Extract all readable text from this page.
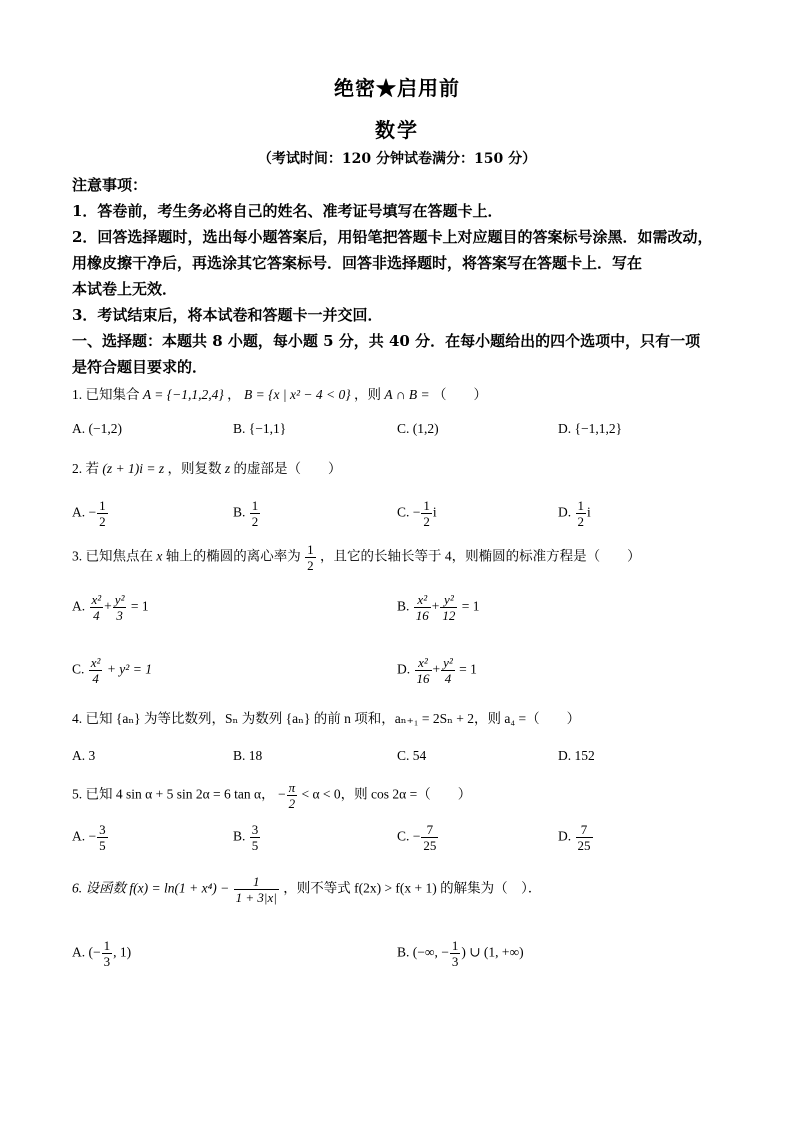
绝密★启用前
数学
（考试时间：120 分钟试卷满分：150 分）
注意事项：
1．答卷前，考生务必将自己的姓名、准考证号填写在答题卡上．
2．回答选择题时，选出每小题答案后，用铅笔把答题卡上对应题目的答案标号涂黑．如需改动，
用橡皮擦干净后，再选涂其它答案标号．回答非选择题时，将答案写在答题卡上．写在
本试卷上无效．
3．考试结束后，将本试卷和答题卡一并交回．
一、选择题：本题共 8 小题，每小题 5 分，共 40 分．在每小题给出的四个选项中，只有一项
是符合题目要求的．
1. 已知集合 A = {−1,1,2,4} ， B = {x | x² − 4 < 0} ，则 A ∩ B = （　　）
A. (−1,2)	B. {−1,1}	C. (1,2)	D. {−1,1,2}
2. 若 (z + 1)i = z ，则复数 z 的虚部是（　　）
A. − $\frac{1}{2}$	B. $\frac{1}{2}$	C. − $\frac{1}{2}$ i	D. $\frac{1}{2}$ i
3. 已知焦点在 x 轴上的椭圆的离心率为 $\frac{1}{2}$ ，且它的长轴长等于 4，则椭圆的标准方程是（　　）
A. $\frac{\text{x²}}{4} + \frac{\text{y²}}{3} = 1$	B. $\frac{\text{x²}}{16} + \frac{\text{y²}}{12} = 1$
C. $\frac{\text{x²}}{4} + y^2 = 1$	D. $\frac{\text{x²}}{16} + \frac{\text{y²}}{4} = 1$
4. 已知 {aₙ} 为等比数列，Sₙ 为数列 {aₙ} 的前 n 项和，aₙ₊₁ = 2Sₙ + 2，则 a₄ =（　　）
A. 3	B. 18	C. 54	D. 152
5. 已知 4 sin α + 5 sin 2α = 6 tan α， − $\frac{\pi}{2} < \alpha < 0$，则 cos 2α =（　　）
A. − $\frac{3}{5}$	B. $\frac{3}{5}$	C. − $\frac{7}{25}$	D. $\frac{7}{25}$
6. 设函数 $f(x) = \ln(1 + x^4) - \frac{1}{1 + 3|x|}$ ，则不等式 f(2x) > f(x + 1) 的解集为（　）．
A. (− $\frac{1}{3}$ , 1)	B. (−∞, − $\frac{1}{3}$ ) ∪ (1, +∞)
